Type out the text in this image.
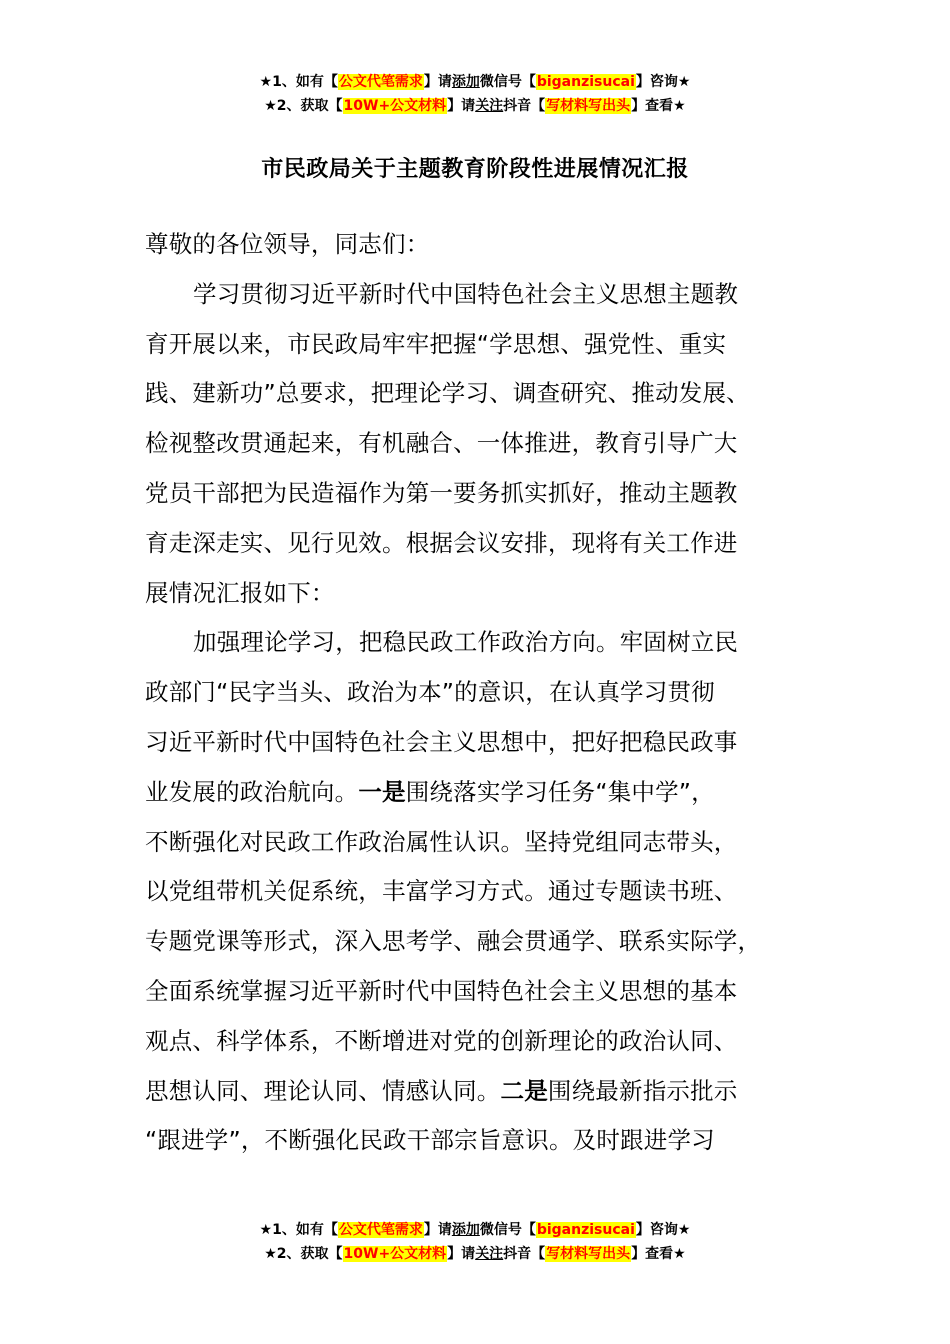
★1、如有【公文代笔需求】请添加微信号【biganzisucai】咨询★
★2、获取【10W+公文材料】请关注抖音【写材料写出头】查看★
市民政局关于主题教育阶段性进展情况汇报
尊敬的各位领导，同志们：
学习贯彻习近平新时代中国特色社会主义思想主题教
育开展以来，市民政局牢牢把握“学思想、强党性、重实
践、建新功”总要求，把理论学习、调查研究、推动发展、
检视整改贯通起来，有机融合、一体推进，教育引导广大
党员干部把为民造福作为第一要务抓实抓好，推动主题教
育走深走实、见行见效。根据会议安排，现将有关工作进
展情况汇报如下：
加强理论学习，把稳民政工作政治方向。牢固树立民
政部门“民字当头、政治为本”的意识，在认真学习贯彻
习近平新时代中国特色社会主义思想中，把好把稳民政事
业发展的政治航向。一是围绕落实学习任务“集中学”，
不断强化对民政工作政治属性认识。坚持党组同志带头，
以党组带机关促系统，丰富学习方式。通过专题读书班、
专题党课等形式，深入思考学、融会贯通学、联系实际学，
全面系统掌握习近平新时代中国特色社会主义思想的基本
观点、科学体系，不断增进对党的创新理论的政治认同、
思想认同、理论认同、情感认同。二是围绕最新指示批示
“跟进学”，不断强化民政干部宗旨意识。及时跟进学习
★1、如有【公文代笔需求】请添加微信号【biganzisucai】咨询★
★2、获取【10W+公文材料】请关注抖音【写材料写出头】查看★
